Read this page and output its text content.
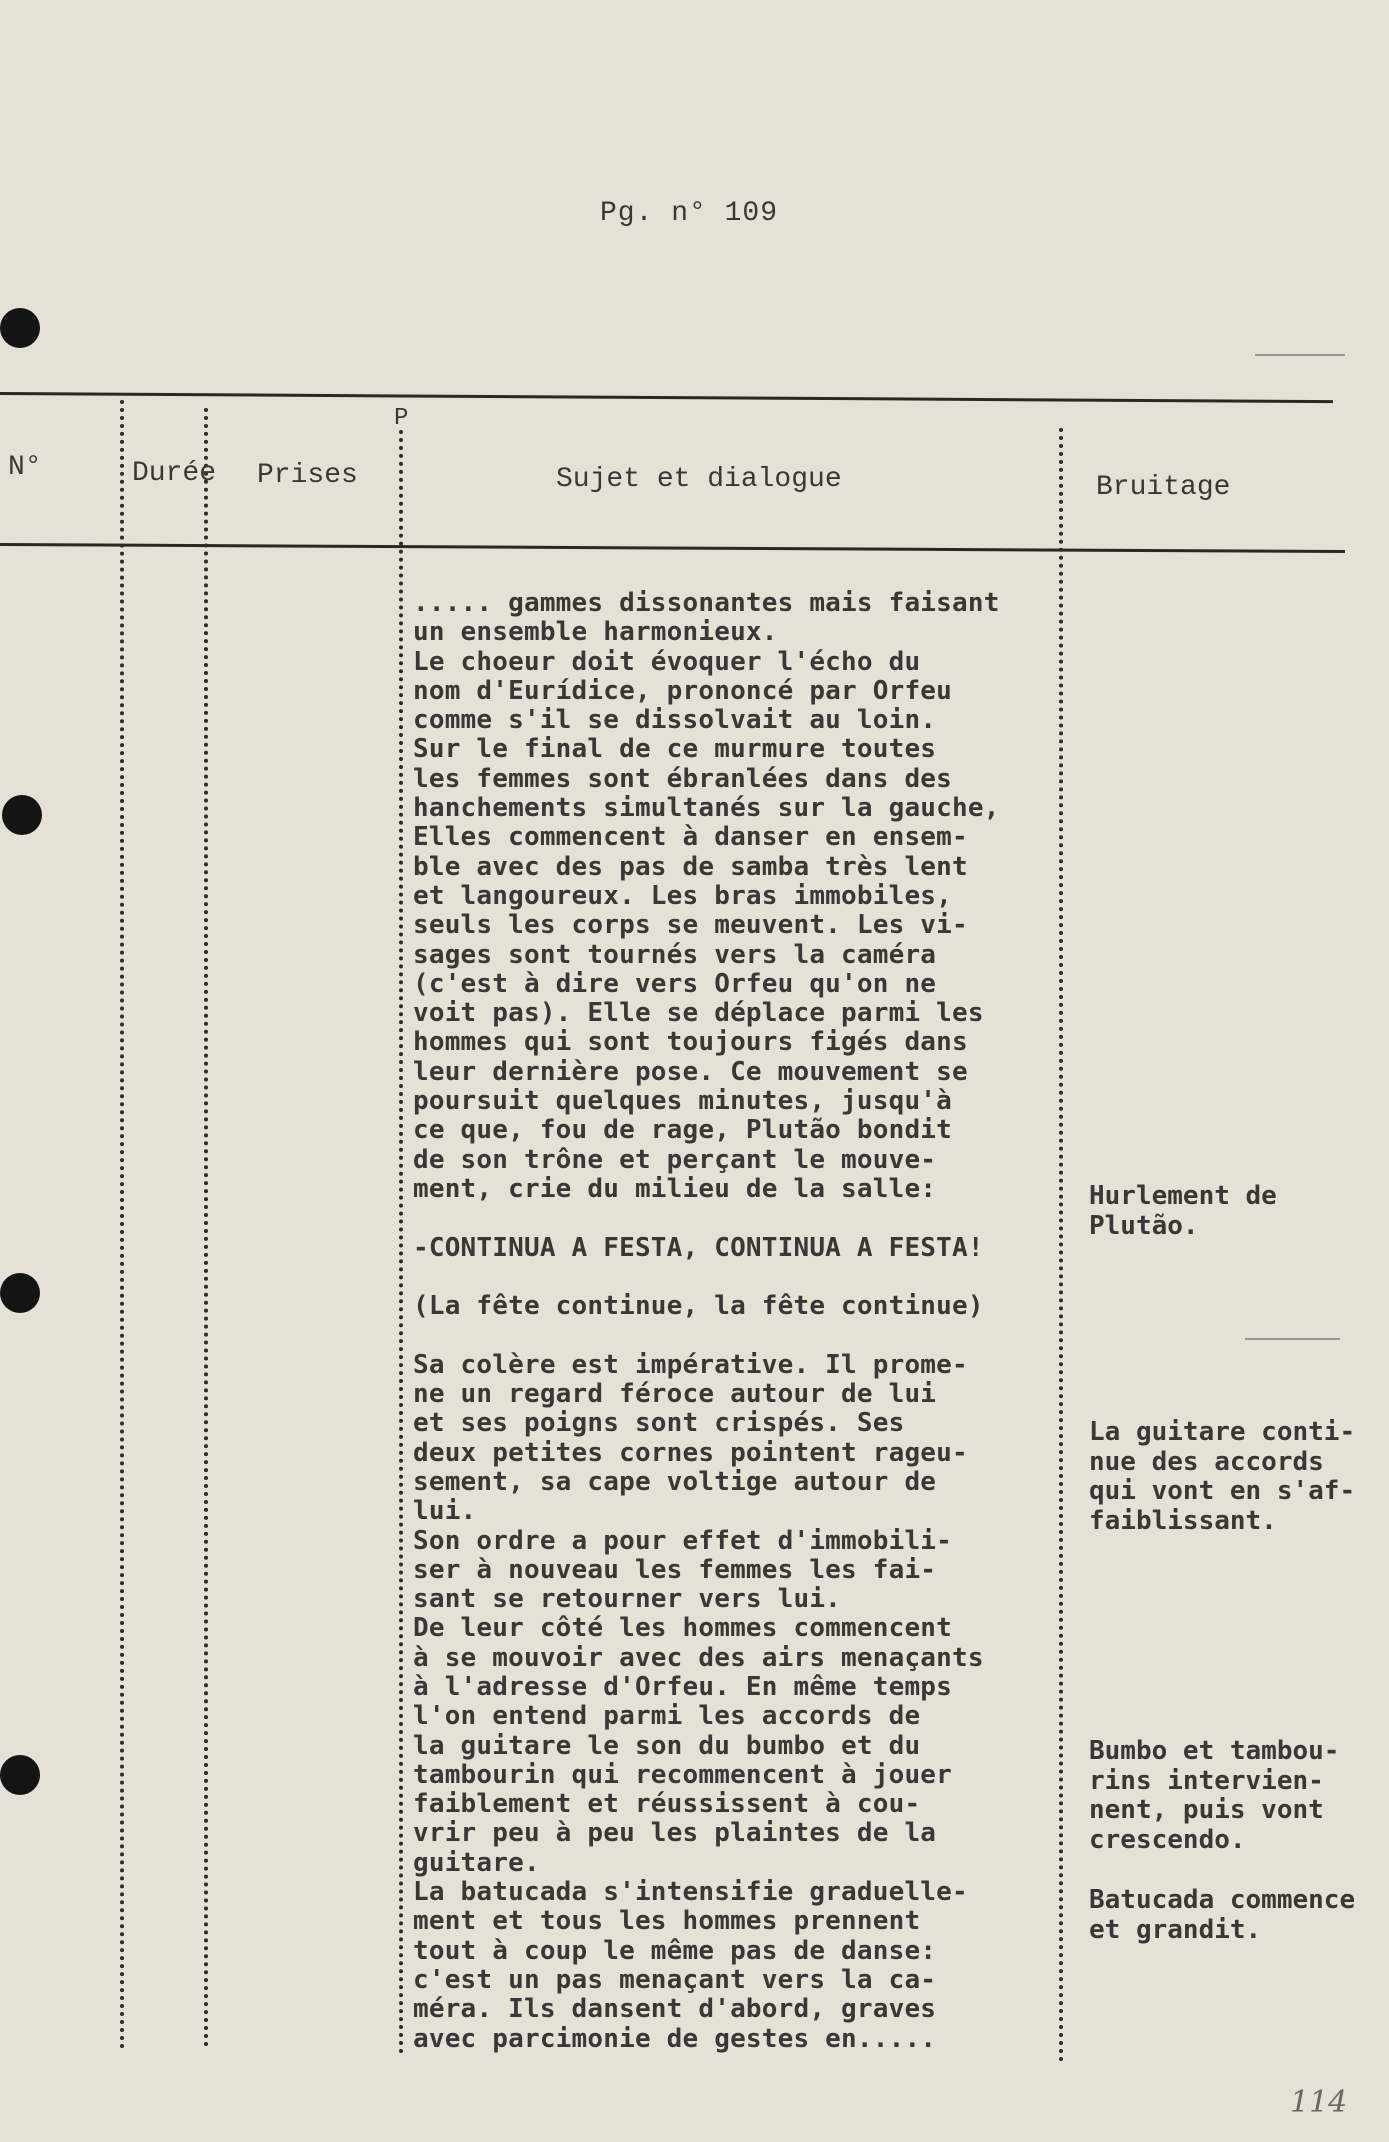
Pg. n° 109
N°	Durée Prises
P
Sujet et dialogue	Bruitage
..... gammes dissonantes mais faisant
un ensemble harmonieux.
Le choeur doit évoquer l'écho du
nom d'Eurídice, prononcé par Orfeu
comme s'il se dissolvait au loin.
Sur le final de ce murmure toutes
les femmes sont ébranlées dans des
hanchements simultanés sur la gauche,
Elles commencent à danser en ensem-
ble avec des pas de samba très lent
et langoureux. Les bras immobiles,
seuls les corps se meuvent. Les vi-
sages sont tournés vers la caméra
(c'est à dire vers Orfeu qu'on ne
voit pas). Elle se déplace parmi les
hommes qui sont toujours figés dans
leur dernière pose. Ce mouvement se
poursuit quelques minutes, jusqu'à
ce que, fou de rage, Plutão bondit
de son trône et perçant le mouve-
ment, crie du milieu de la salle:

-CONTINUA A FESTA, CONTINUA A FESTA!

(La fête continue, la fête continue)

Sa colère est impérative. Il prome-
ne un regard féroce autour de lui
et ses poigns sont crispés. Ses
deux petites cornes pointent rageu-
sement, sa cape voltige autour de
lui.
Son ordre a pour effet d'immobili-
ser à nouveau les femmes les fai-
sant se retourner vers lui.
De leur côté les hommes commencent
à se mouvoir avec des airs menaçants
à l'adresse d'Orfeu. En même temps
l'on entend parmi les accords de
la guitare le son du bumbo et du
tambourin qui recommencent à jouer
faiblement et réussissent à cou-
vrir peu à peu les plaintes de la
guitare.
La batucada s'intensifie graduelle-
ment et tous les hommes prennent
tout à coup le même pas de danse:
c'est un pas menaçant vers la ca-
méra. Ils dansent d'abord, graves
avec parcimonie de gestes en.....
Hurlement de
Plutão.
La guitare conti-
nue des accords
qui vont en s'af-
faiblissant.
Bumbo et tambou-
rins intervien-
nent, puis vont
crescendo.
Batucada commence
et grandit.
114
